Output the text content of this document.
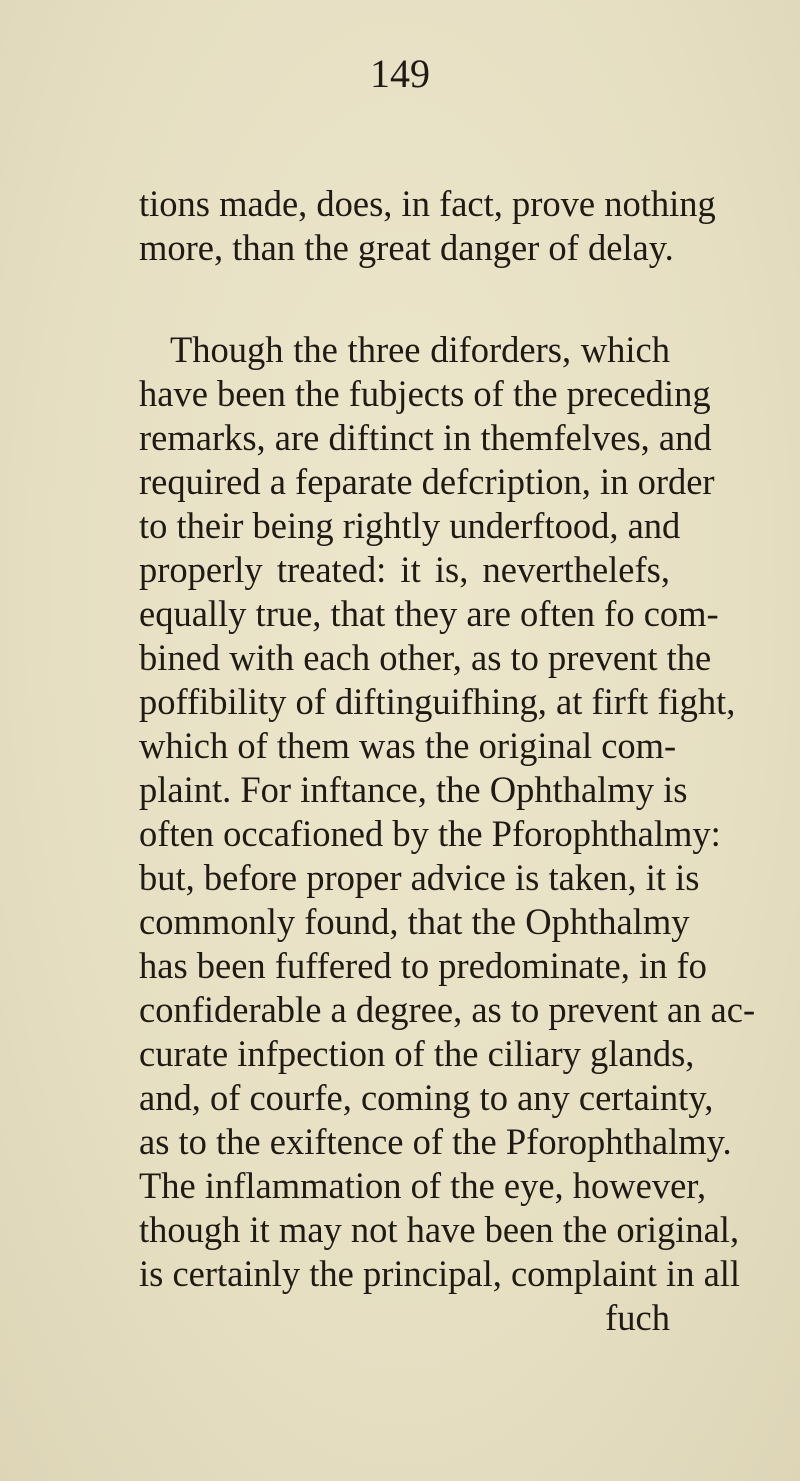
149
tions made, does, in fact, prove nothing
more, than the great danger of delay.
Though the three diforders, which
have been the fubjects of the preceding
remarks, are diftinct in themfelves, and
required a feparate defcription, in order
to their being rightly underftood, and
properly treated: it is, neverthelefs,
equally true, that they are often fo com-
bined with each other, as to prevent the
poffibility of diftinguifhing, at firft fight,
which of them was the original com-
plaint. For inftance, the Ophthalmy is
often occafioned by the Pforophthalmy:
but, before proper advice is taken, it is
commonly found, that the Ophthalmy
has been fuffered to predominate, in fo
confiderable a degree, as to prevent an ac-
curate infpection of the ciliary glands,
and, of courfe, coming to any certainty,
as to the exiftence of the Pforophthalmy.
The inflammation of the eye, however,
though it may not have been the original,
is certainly the principal, complaint in all
fuch
